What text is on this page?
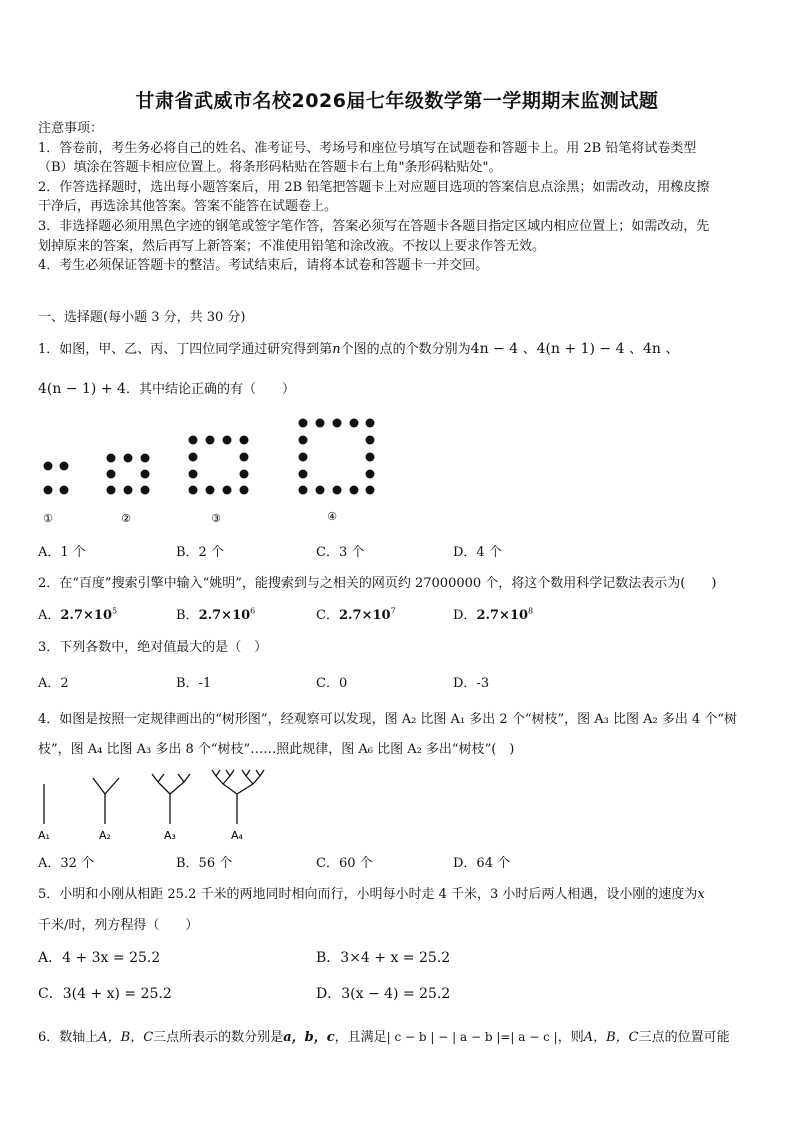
甘肃省武威市名校2026届七年级数学第一学期期末监测试题
注意事项：
1．答卷前，考生务必将自己的姓名、准考证号、考场号和座位号填写在试题卷和答题卡上。用 2B 铅笔将试卷类型
（B）填涂在答题卡相应位置上。将条形码粘贴在答题卡右上角"条形码粘贴处"。
2．作答选择题时，选出每小题答案后，用 2B 铅笔把答题卡上对应题目选项的答案信息点涂黑；如需改动，用橡皮擦
干净后，再选涂其他答案。答案不能答在试题卷上。
3．非选择题必须用黑色字迹的钢笔或签字笔作答，答案必须写在答题卡各题目指定区域内相应位置上；如需改动，先
划掉原来的答案，然后再写上新答案；不准使用铅笔和涂改液。不按以上要求作答无效。
4．考生必须保证答题卡的整洁。考试结束后，请将本试卷和答题卡一并交回。
一、选择题(每小题 3 分，共 30 分)
1．如图，甲、乙、丙、丁四位同学通过研究得到第n个图的点的个数分别为4n − 4 、4(n + 1) − 4 、4n 、
4(n − 1) + 4．其中结论正确的有（　　）
①	②	③	④
A．1 个	B．2 个	C．3 个	D．4 个
2．在“百度”搜索引擎中输入“姚明”，能搜索到与之相关的网页约 27000000 个，将这个数用科学记数法表示为(　　)
A．$2.7\times 10^5$	B．$2.7\times 10^6$	C．$2.7\times 10^7$	D．$2.7\times 10^8$
3．下列各数中，绝对值最大的是（　）
A．2	B．-1	C．0	D．-3
4．如图是按照一定规律画出的“树形图”，经观察可以发现，图 A₂ 比图 A₁ 多出 2 个“树枝”，图 A₃ 比图 A₂ 多出 4 个“树
枝”，图 A₄ 比图 A₃ 多出 8 个“树枝”……照此规律，图 A₆ 比图 A₂ 多出“树枝”(　)
A₁	A₂	A₃	A₄
A．32 个	B．56 个	C．60 个	D．64 个
5．小明和小刚从相距 25.2 千米的两地同时相向而行，小明每小时走 4 千米，3 小时后两人相遇，设小刚的速度为x
千米/时，列方程得（　　）
A．4 + 3x = 25.2	B．3×4 + x = 25.2
C．3(4 + x) = 25.2	D．3(x − 4) = 25.2
6．数轴上A，B，C三点所表示的数分别是a，b，c，且满足| c − b | − | a − b |=| a − c |，则A，B，C三点的位置可能
